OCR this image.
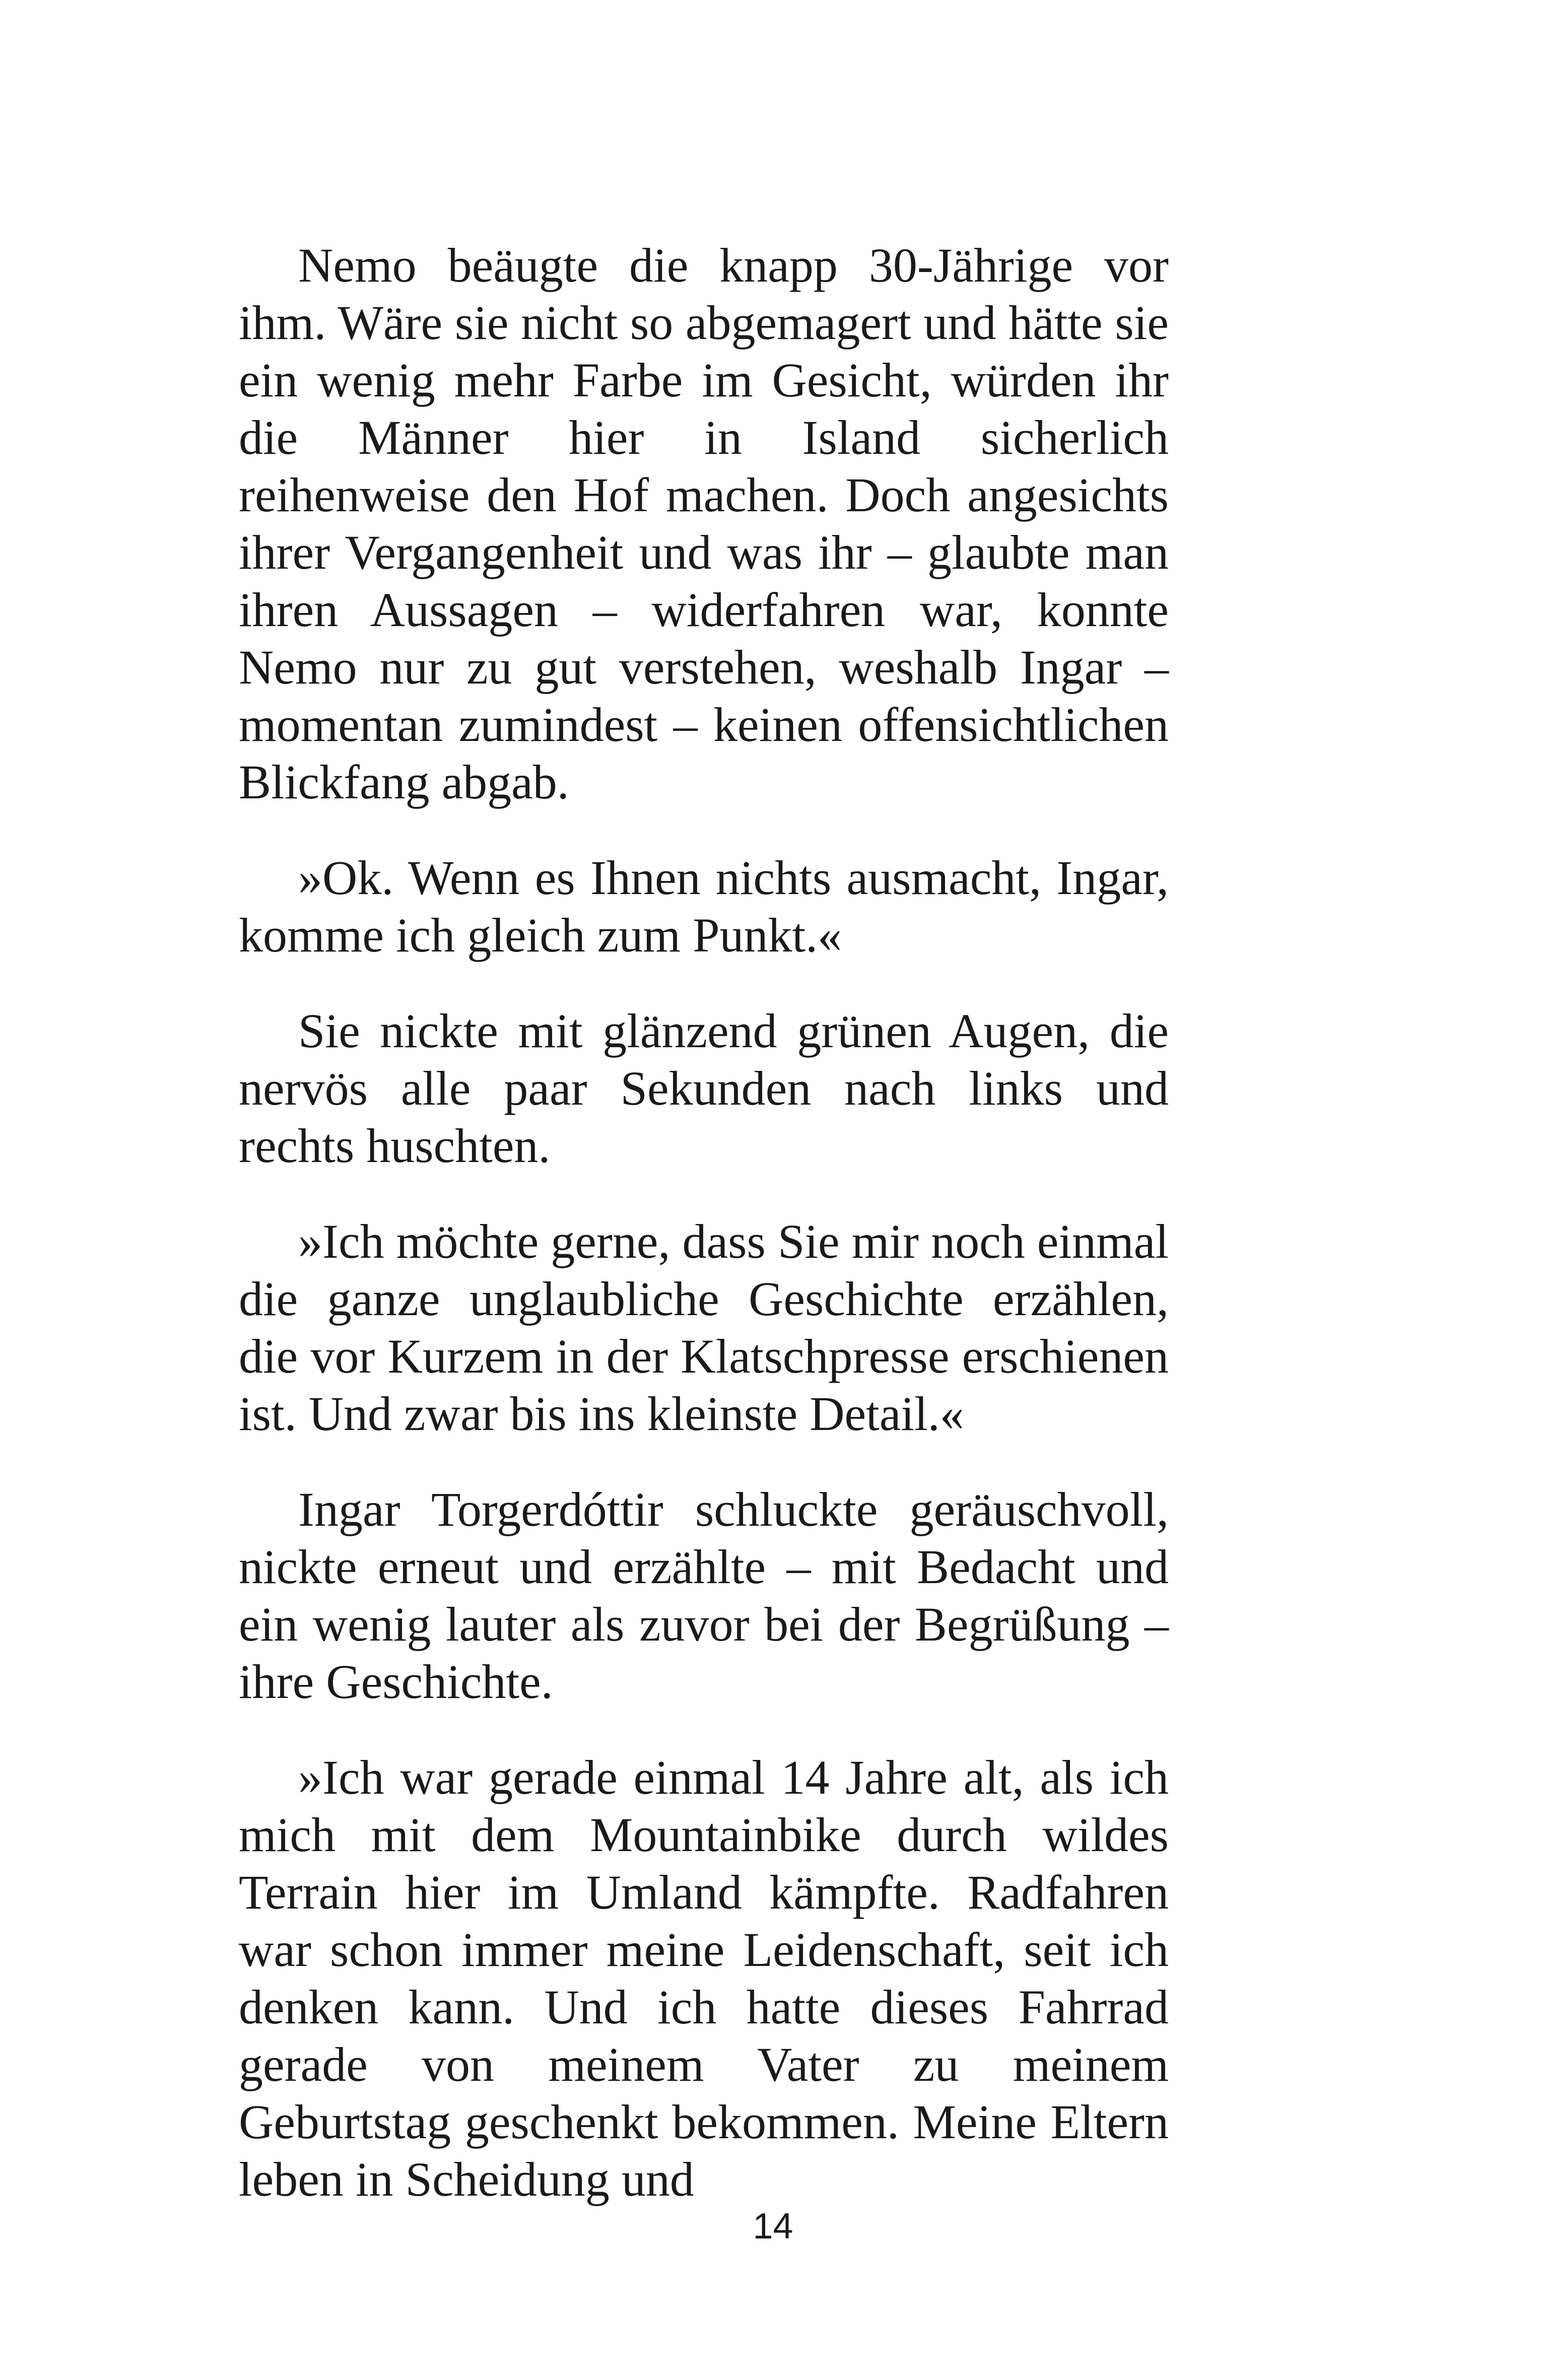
Nemo beäugte die knapp 30-Jährige vor ihm. Wäre sie nicht so abgemagert und hätte sie ein wenig mehr Farbe im Gesicht, würden ihr die Männer hier in Island sicherlich reihenweise den Hof machen. Doch angesichts ihrer Vergangenheit und was ihr – glaubte man ihren Aussagen – widerfahren war, konnte Nemo nur zu gut verstehen, weshalb Ingar – momentan zumindest – keinen offensichtlichen Blickfang abgab.

»Ok. Wenn es Ihnen nichts ausmacht, Ingar, komme ich gleich zum Punkt.«

Sie nickte mit glänzend grünen Augen, die nervös alle paar Sekunden nach links und rechts huschten.

»Ich möchte gerne, dass Sie mir noch einmal die ganze unglaubliche Geschichte erzählen, die vor Kurzem in der Klatschpresse erschienen ist. Und zwar bis ins kleinste Detail.«

Ingar Torgerdóttir schluckte geräuschvoll, nickte erneut und erzählte – mit Bedacht und ein wenig lauter als zuvor bei der Begrüßung – ihre Geschichte.

»Ich war gerade einmal 14 Jahre alt, als ich mich mit dem Mountainbike durch wildes Terrain hier im Umland kämpfte. Radfahren war schon immer meine Leidenschaft, seit ich denken kann. Und ich hatte dieses Fahrrad gerade von meinem Vater zu meinem Geburtstag geschenkt bekommen. Meine Eltern leben in Scheidung und

14
